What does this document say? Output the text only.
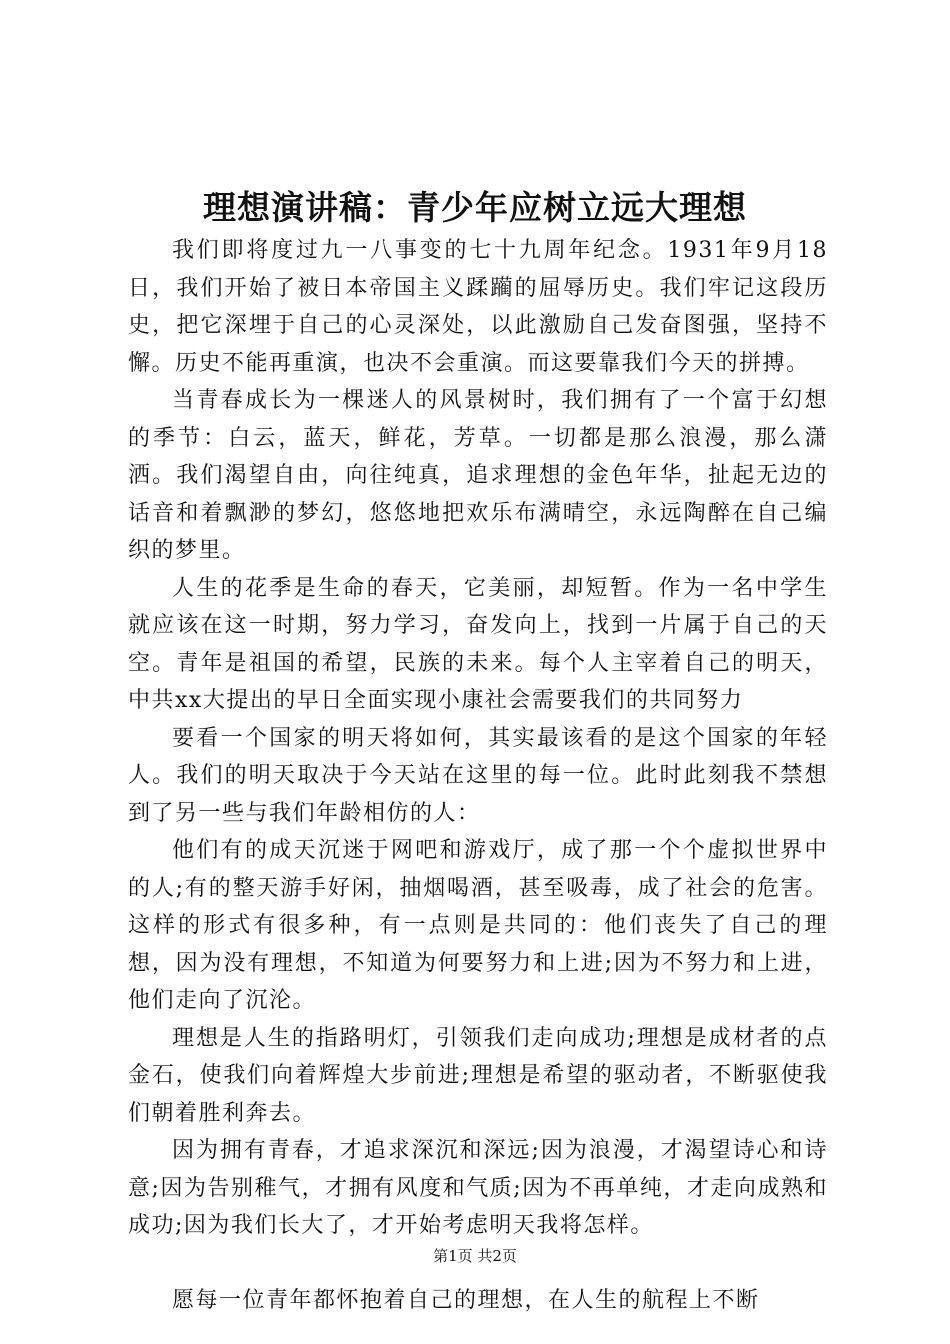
理想演讲稿：青少年应树立远大理想

我们即将度过九一八事变的七十九周年纪念。1931年9月18日，我们开始了被日本帝国主义蹂躏的屈辱历史。我们牢记这段历史，把它深埋于自己的心灵深处，以此激励自己发奋图强，坚持不懈。历史不能再重演，也决不会重演。而这要靠我们今天的拼搏。

当青春成长为一棵迷人的风景树时，我们拥有了一个富于幻想的季节：白云，蓝天，鲜花，芳草。一切都是那么浪漫，那么潇洒。我们渴望自由，向往纯真，追求理想的金色年华，扯起无边的话音和着飘渺的梦幻，悠悠地把欢乐布满晴空，永远陶醉在自己编织的梦里。

人生的花季是生命的春天，它美丽，却短暂。作为一名中学生就应该在这一时期，努力学习，奋发向上，找到一片属于自己的天空。青年是祖国的希望，民族的未来。每个人主宰着自己的明天，中共xx大提出的早日全面实现小康社会需要我们的共同努力

要看一个国家的明天将如何，其实最该看的是这个国家的年轻人。我们的明天取决于今天站在这里的每一位。此时此刻我不禁想到了另一些与我们年龄相仿的人：

他们有的成天沉迷于网吧和游戏厅，成了那一个个虚拟世界中的人;有的整天游手好闲，抽烟喝酒，甚至吸毒，成了社会的危害。这样的形式有很多种，有一点则是共同的：他们丧失了自己的理想，因为没有理想，不知道为何要努力和上进;因为不努力和上进，他们走向了沉沦。

理想是人生的指路明灯，引领我们走向成功;理想是成材者的点金石，使我们向着辉煌大步前进;理想是希望的驱动者，不断驱使我们朝着胜利奔去。

因为拥有青春，才追求深沉和深远;因为浪漫，才渴望诗心和诗意;因为告别稚气，才拥有风度和气质;因为不再单纯，才走向成熟和成功;因为我们长大了，才开始考虑明天我将怎样。

愿每一位青年都怀抱着自己的理想，在人生的航程上不断

第1页 共2页
